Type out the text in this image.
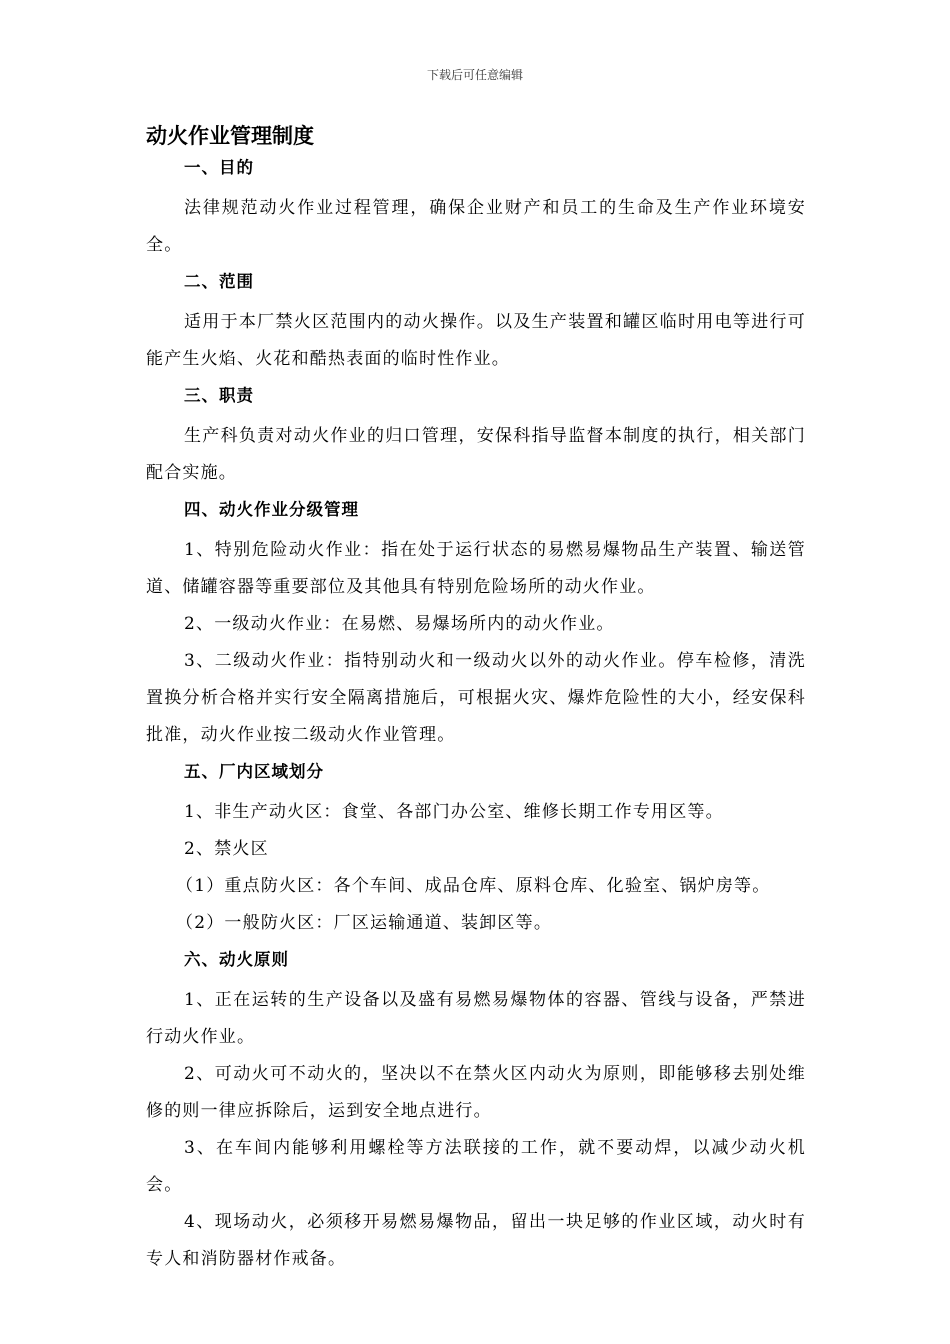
下载后可任意编辑
动火作业管理制度
一、目的

法律规范动火作业过程管理，确保企业财产和员工的生命及生产作业环境安全。

二、范围

适用于本厂禁火区范围内的动火操作。以及生产装置和罐区临时用电等进行可能产生火焰、火花和酷热表面的临时性作业。

三、职责

生产科负责对动火作业的归口管理，安保科指导监督本制度的执行，相关部门配合实施。

四、动火作业分级管理

1、特别危险动火作业：指在处于运行状态的易燃易爆物品生产装置、输送管道、储罐容器等重要部位及其他具有特别危险场所的动火作业。

2、一级动火作业：在易燃、易爆场所内的动火作业。

3、二级动火作业：指特别动火和一级动火以外的动火作业。停车检修，清洗置换分析合格并实行安全隔离措施后，可根据火灾、爆炸危险性的大小，经安保科批准，动火作业按二级动火作业管理。

五、厂内区域划分

1、非生产动火区：食堂、各部门办公室、维修长期工作专用区等。

2、禁火区

（1）重点防火区：各个车间、成品仓库、原料仓库、化验室、锅炉房等。

（2）一般防火区：厂区运输通道、装卸区等。

六、动火原则

1、正在运转的生产设备以及盛有易燃易爆物体的容器、管线与设备，严禁进行动火作业。

2、可动火可不动火的，坚决以不在禁火区内动火为原则，即能够移去别处维修的则一律应拆除后，运到安全地点进行。

3、在车间内能够利用螺栓等方法联接的工作，就不要动焊，以减少动火机会。

4、现场动火，必须移开易燃易爆物品，留出一块足够的作业区域，动火时有专人和消防器材作戒备。
